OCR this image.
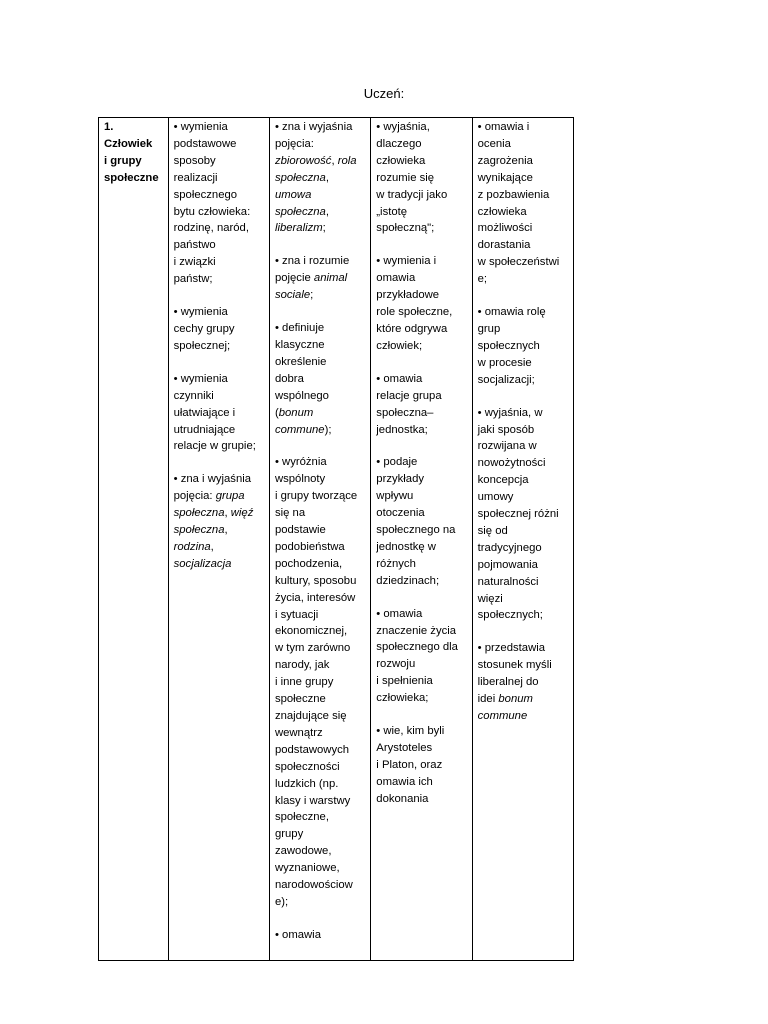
Uczeń:
1.
Człowiek
i grupy
społeczne

• wymienia
podstawowe
sposoby
realizacji
społecznego
bytu człowieka:
rodzinę, naród,
państwo
i związki
państw;
• wymienia
cechy grupy
społecznej;
• wymienia
czynniki
ułatwiające i
utrudniające
relacje w grupie;
• zna i wyjaśnia
pojęcia: grupa
społeczna, więź
społeczna,
rodzina,
socjalizacja

• zna i wyjaśnia
pojęcia:
zbiorowość, rola
społeczna,
umowa
społeczna,
liberalizm;
• zna i rozumie
pojęcie animal
sociale;
• definiuje
klasyczne
określenie
dobra
wspólnego
(bonum
commune);
• wyróżnia
wspólnoty
i grupy tworzące
się na
podstawie
podobieństwa
pochodzenia,
kultury, sposobu
życia, interesów
i sytuacji
ekonomicznej,
w tym zarówno
narody, jak
i inne grupy
społeczne
znajdujące się
wewnątrz
podstawowych
społeczności
ludzkich (np.
klasy i warstwy
społeczne,
grupy
zawodowe,
wyznaniowe,
narodowościow
e);
• omawia

• wyjaśnia,
dlaczego
człowieka
rozumie się
w tradycji jako
„istotę
społeczną";
• wymienia i
omawia
przykładowe
role społeczne,
które odgrywa
człowiek;
• omawia
relacje grupa
społeczna–
jednostka;
• podaje
przykłady
wpływu
otoczenia
społecznego na
jednostkę w
różnych
dziedzinach;
• omawia
znaczenie życia
społecznego dla
rozwoju
i spełnienia
człowieka;
• wie, kim byli
Arystoteles
i Platon, oraz
omawia ich
dokonania

• omawia i
ocenia
zagrożenia
wynikające
z pozbawienia
człowieka
możliwości
dorastania
w społeczeństwi
e;
• omawia rolę
grup
społecznych
w procesie
socjalizacji;
• wyjaśnia, w
jaki sposób
rozwijana w
nowożytności
koncepcja
umowy
społecznej różni
się od
tradycyjnego
pojmowania
naturalności
więzi
społecznych;
• przedstawia
stosunek myśli
liberalnej do
idei bonum
commune
